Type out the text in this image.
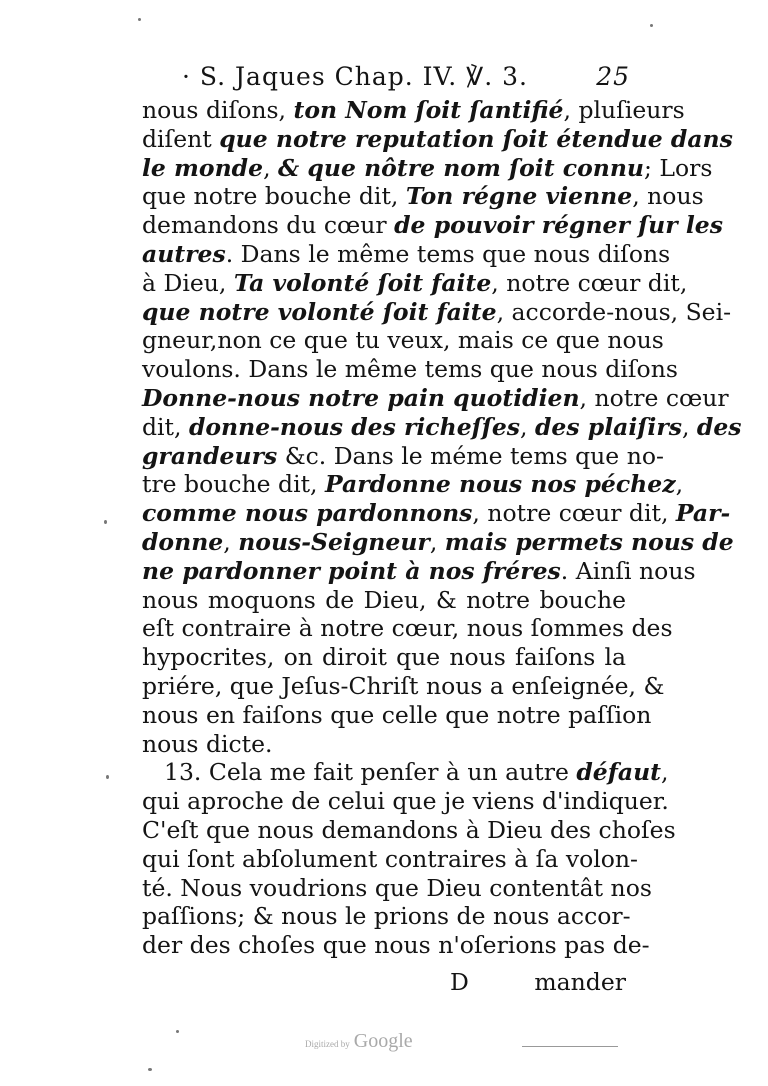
· S. Jaques Chap. IV. ℣. 3.	25
nous diſons, ton Nom ſoit ſantifié, pluſieurs
diſent que notre reputation ſoit étendue dans
le monde, & que nôtre nom ſoit connu; Lors
que notre bouche dit, Ton régne vienne, nous
demandons du cœur de pouvoir régner ſur les
autres. Dans le même tems que nous diſons
à Dieu, Ta volonté ſoit faite, notre cœur dit,
que notre volonté ſoit faite, accorde-nous, Sei-
gneur,non ce que tu veux, mais ce que nous
voulons. Dans le même tems que nous diſons
Donne-nous notre pain quotidien, notre cœur
dit, donne-nous des richeſſes, des plaiſirs, des
grandeurs &c. Dans le méme tems que no-
tre bouche dit, Pardonne nous nos péchez,
comme nous pardonnons, notre cœur dit, Par-
donne, nous-Seigneur, mais permets nous de
ne pardonner point à nos fréres. Ainſi nous
nous moquons de Dieu, & notre bouche
eſt contraire à notre cœur, nous ſommes des
hypocrites, on diroit que nous faiſons la
priére, que Jeſus-Chriſt nous a enſeignée, &
nous en faiſons que celle que notre paſſion
nous dicte.
13. Cela me fait penſer à un autre défaut,
qui aproche de celui que je viens d'indiquer.
C'eſt que nous demandons à Dieu des choſes
qui ſont abſolument contraires à ſa volon-
té. Nous voudrions que Dieu contentât nos
paſſions; & nous le prions de nous accor-
der des choſes que nous n'oſerions pas de-
D	mander
Digitized by Google
